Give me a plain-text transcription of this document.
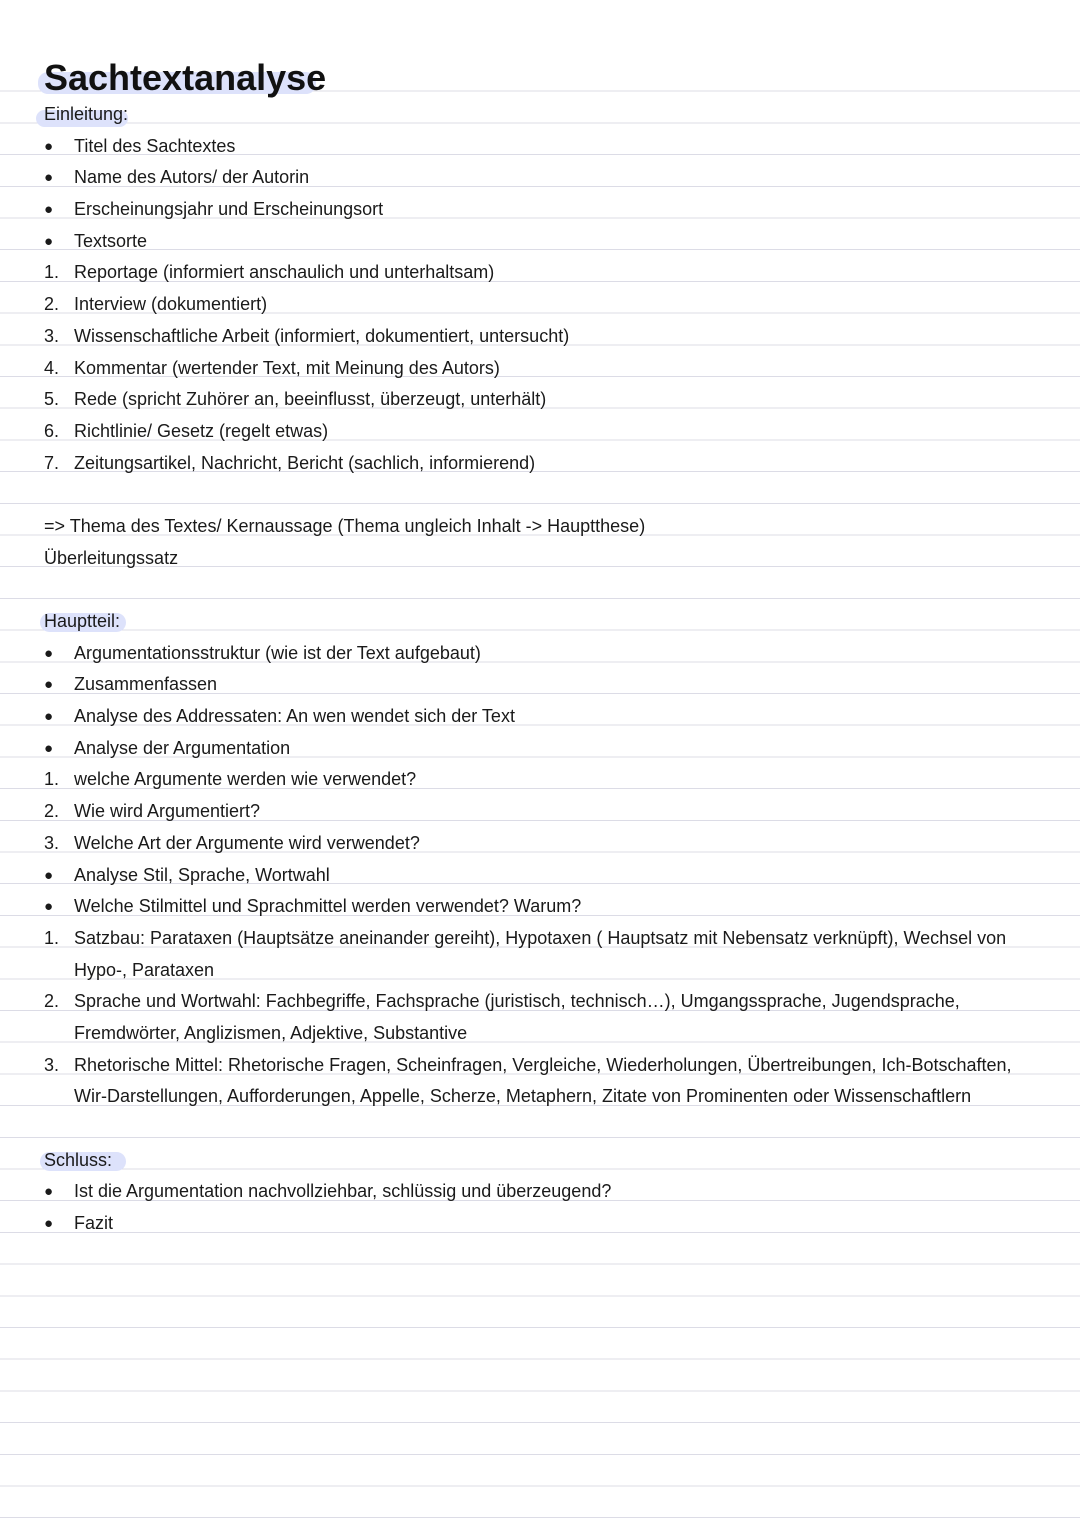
Sachtextanalyse
Einleitung:
●	Titel des Sachtextes
●	Name des Autors/ der Autorin
●	Erscheinungsjahr und Erscheinungsort
●	Textsorte
1. Reportage (informiert anschaulich und unterhaltsam)
2. Interview (dokumentiert)
3. Wissenschaftliche Arbeit (informiert, dokumentiert, untersucht)
4. Kommentar (wertender Text, mit Meinung des Autors)
5. Rede (spricht Zuhörer an, beeinflusst, überzeugt, unterhält)
6. Richtlinie/ Gesetz (regelt etwas)
7. Zeitungsartikel, Nachricht, Bericht (sachlich, informierend)
=> Thema des Textes/ Kernaussage (Thema ungleich Inhalt -> Hauptthese)
Überleitungssatz
Hauptteil:
●	Argumentationsstruktur (wie ist der Text aufgebaut)
●	Zusammenfassen
●	Analyse des Addressaten: An wen wendet sich der Text
●	Analyse der Argumentation
1. welche Argumente werden wie verwendet?
2. Wie wird Argumentiert?
3. Welche Art der Argumente wird verwendet?
●	Analyse Stil, Sprache, Wortwahl
●	Welche Stilmittel und Sprachmittel werden verwendet? Warum?
1. Satzbau: Parataxen (Hauptsätze aneinander gereiht), Hypotaxen ( Hauptsatz mit Nebensatz verknüpft), Wechsel von Hypo-, Parataxen
2. Sprache und Wortwahl: Fachbegriffe, Fachsprache (juristisch, technisch…), Umgangssprache, Jugendsprache, Fremdwörter, Anglizismen, Adjektive, Substantive
3. Rhetorische Mittel: Rhetorische Fragen, Scheinfragen, Vergleiche, Wiederholungen, Übertreibungen, Ich-Botschaften, Wir-Darstellungen, Aufforderungen, Appelle, Scherze, Metaphern, Zitate von Prominenten oder Wissenschaftlern
Schluss:
●	Ist die Argumentation nachvollziehbar, schlüssig und überzeugend?
●	Fazit
